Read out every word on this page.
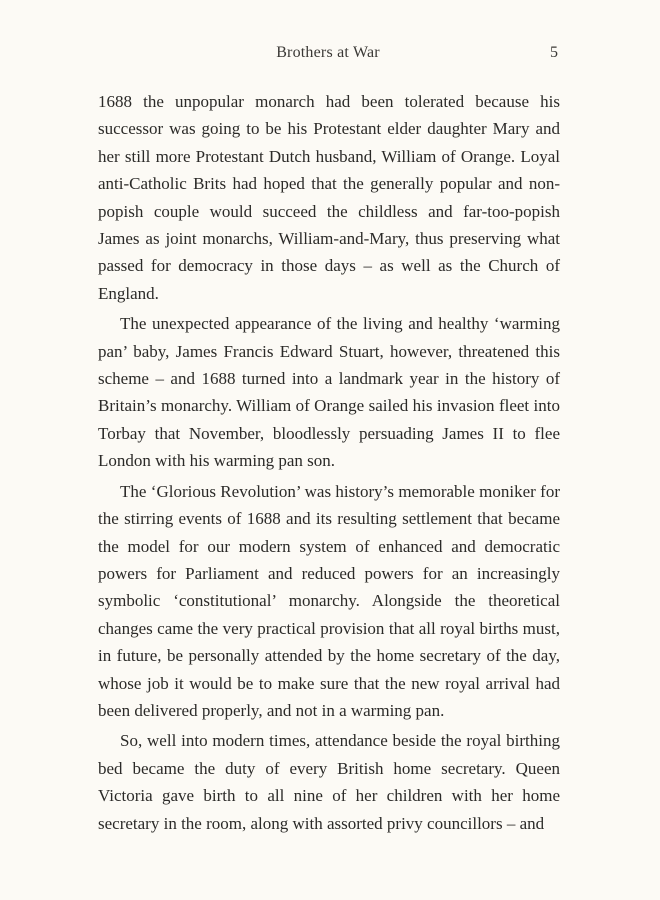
Brothers at War	5

1688 the unpopular monarch had been tolerated because his successor was going to be his Protestant elder daughter Mary and her still more Protestant Dutch husband, William of Orange. Loyal anti-Catholic Brits had hoped that the generally popular and non-popish couple would succeed the childless and far-too-popish James as joint monarchs, William-and-Mary, thus preserving what passed for democracy in those days – as well as the Church of England.

The unexpected appearance of the living and healthy ‘warming pan’ baby, James Francis Edward Stuart, however, threatened this scheme – and 1688 turned into a landmark year in the history of Britain’s monarchy. William of Orange sailed his invasion fleet into Torbay that November, bloodlessly persuading James II to flee London with his warming pan son.

The ‘Glorious Revolution’ was history’s memorable moniker for the stirring events of 1688 and its resulting settlement that became the model for our modern system of enhanced and democratic powers for Parliament and reduced powers for an increasingly symbolic ‘constitutional’ monarchy. Alongside the theoretical changes came the very practical provision that all royal births must, in future, be personally attended by the home secretary of the day, whose job it would be to make sure that the new royal arrival had been delivered properly, and not in a warming pan.

So, well into modern times, attendance beside the royal birthing bed became the duty of every British home secretary. Queen Victoria gave birth to all nine of her children with her home secretary in the room, along with assorted privy councillors – and
